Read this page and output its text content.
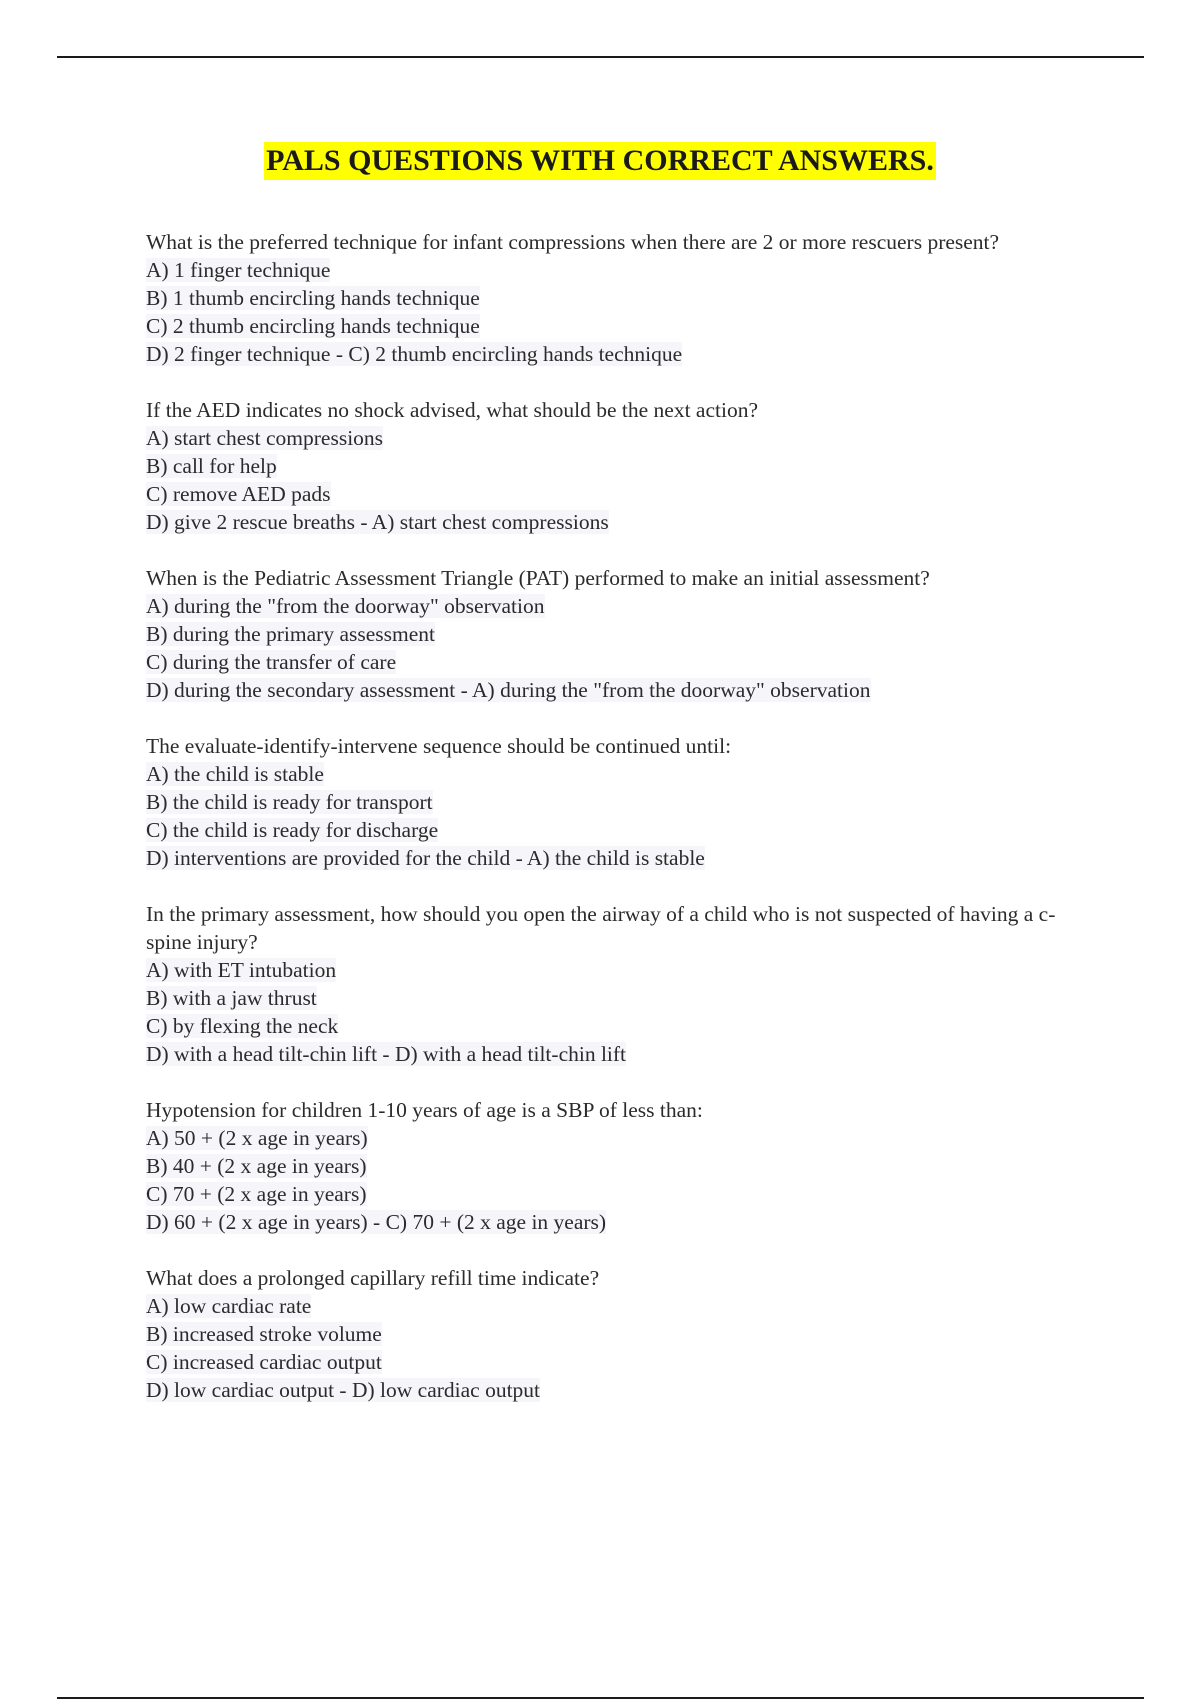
PALS QUESTIONS WITH CORRECT ANSWERS.
What is the preferred technique for infant compressions when there are 2 or more rescuers present?
A) 1 finger technique
B) 1 thumb encircling hands technique
C) 2 thumb encircling hands technique
D) 2 finger technique - C) 2 thumb encircling hands technique
If the AED indicates no shock advised, what should be the next action?
A) start chest compressions
B) call for help
C) remove AED pads
D) give 2 rescue breaths - A) start chest compressions
When is the Pediatric Assessment Triangle (PAT) performed to make an initial assessment?
A) during the "from the doorway" observation
B) during the primary assessment
C) during the transfer of care
D) during the secondary assessment - A) during the "from the doorway" observation
The evaluate-identify-intervene sequence should be continued until:
A) the child is stable
B) the child is ready for transport
C) the child is ready for discharge
D) interventions are provided for the child - A) the child is stable
In the primary assessment, how should you open the airway of a child who is not suspected of having a c-spine injury?
A) with ET intubation
B) with a jaw thrust
C) by flexing the neck
D) with a head tilt-chin lift - D) with a head tilt-chin lift
Hypotension for children 1-10 years of age is a SBP of less than:
A) 50 + (2 x age in years)
B) 40 + (2 x age in years)
C) 70 + (2 x age in years)
D) 60 + (2 x age in years) - C) 70 + (2 x age in years)
What does a prolonged capillary refill time indicate?
A) low cardiac rate
B) increased stroke volume
C) increased cardiac output
D) low cardiac output - D) low cardiac output
